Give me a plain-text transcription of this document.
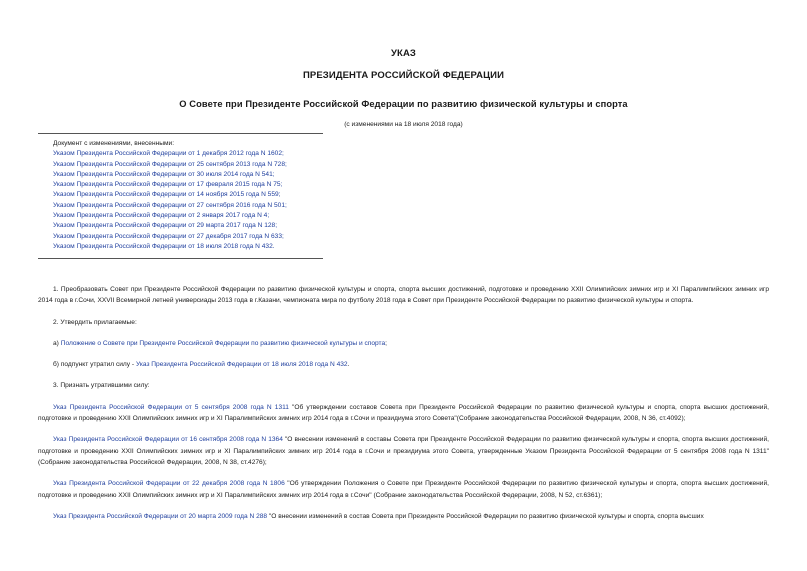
УКАЗ
ПРЕЗИДЕНТА РОССИЙСКОЙ ФЕДЕРАЦИИ
О Совете при Президенте Российской Федерации по развитию физической культуры и спорта
(с изменениями на 18 июля 2018 года)
Документ с изменениями, внесенными:
Указом Президента Российской Федерации от 1 декабря 2012 года N 1602;
Указом Президента Российской Федерации от 25 сентября 2013 года N 728;
Указом Президента Российской Федерации от 30 июля 2014 года N 541;
Указом Президента Российской Федерации от 17 февраля 2015 года N 75;
Указом Президента Российской Федерации от 14 ноября 2015 года N 559;
Указом Президента Российской Федерации от 27 сентября 2016 года N 501;
Указом Президента Российской Федерации от 2 января 2017 года N 4;
Указом Президента Российской Федерации от 29 марта 2017 года N 128;
Указом Президента Российской Федерации от 27 декабря 2017 года N 633;
Указом Президента Российской Федерации от 18 июля 2018 года N 432.

1. Преобразовать Совет при Президенте Российской Федерации по развитию физической культуры и спорта, спорта высших достижений, подготовке и проведению XXII Олимпийских зимних игр и XI Паралимпийских зимних игр 2014 года в г.Сочи, XXVII Всемирной летней универсиады 2013 года в г.Казани, чемпионата мира по футболу 2018 года в Совет при Президенте Российской Федерации по развитию физической культуры и спорта.

2. Утвердить прилагаемые:

а) Положение о Совете при Президенте Российской Федерации по развитию физической культуры и спорта;

б) подпункт утратил силу - Указ Президента Российской Федерации от 18 июля 2018 года N 432.

3. Признать утратившими силу:

Указ Президента Российской Федерации от 5 сентября 2008 года N 1311 "Об утверждении составов Совета при Президенте Российской Федерации по развитию физической культуры и спорта, спорта высших достижений, подготовке и проведению XXII Олимпийских зимних игр и XI Паралимпийских зимних игр 2014 года в г.Сочи и президиума этого Совета"(Собрание законодательства Российской Федерации, 2008, N 36, ст.4092);

Указ Президента Российской Федерации от 16 сентября 2008 года N 1364 "О внесении изменений в составы Совета при Президенте Российской Федерации по развитию физической культуры и спорта, спорта высших достижений, подготовке и проведению XXII Олимпийских зимних игр и XI Паралимпийских зимних игр 2014 года в г.Сочи и президиума этого Совета, утвержденные Указом Президента Российской Федерации от 5 сентября 2008 года N 1311" (Собрание законодательства Российской Федерации, 2008, N 38, ст.4276);

Указ Президента Российской Федерации от 22 декабря 2008 года N 1806 "Об утверждении Положения о Совете при Президенте Российской Федерации по развитию физической культуры и спорта, спорта высших достижений, подготовке и проведению XXII Олимпийских зимних игр и XI Паралимпийских зимних игр 2014 года в г.Сочи" (Собрание законодательства Российской Федерации, 2008, N 52, ст.6361);

Указ Президента Российской Федерации от 20 марта 2009 года N 288 "О внесении изменений в состав Совета при Президенте Российской Федерации по развитию физической культуры и спорта, спорта высших
